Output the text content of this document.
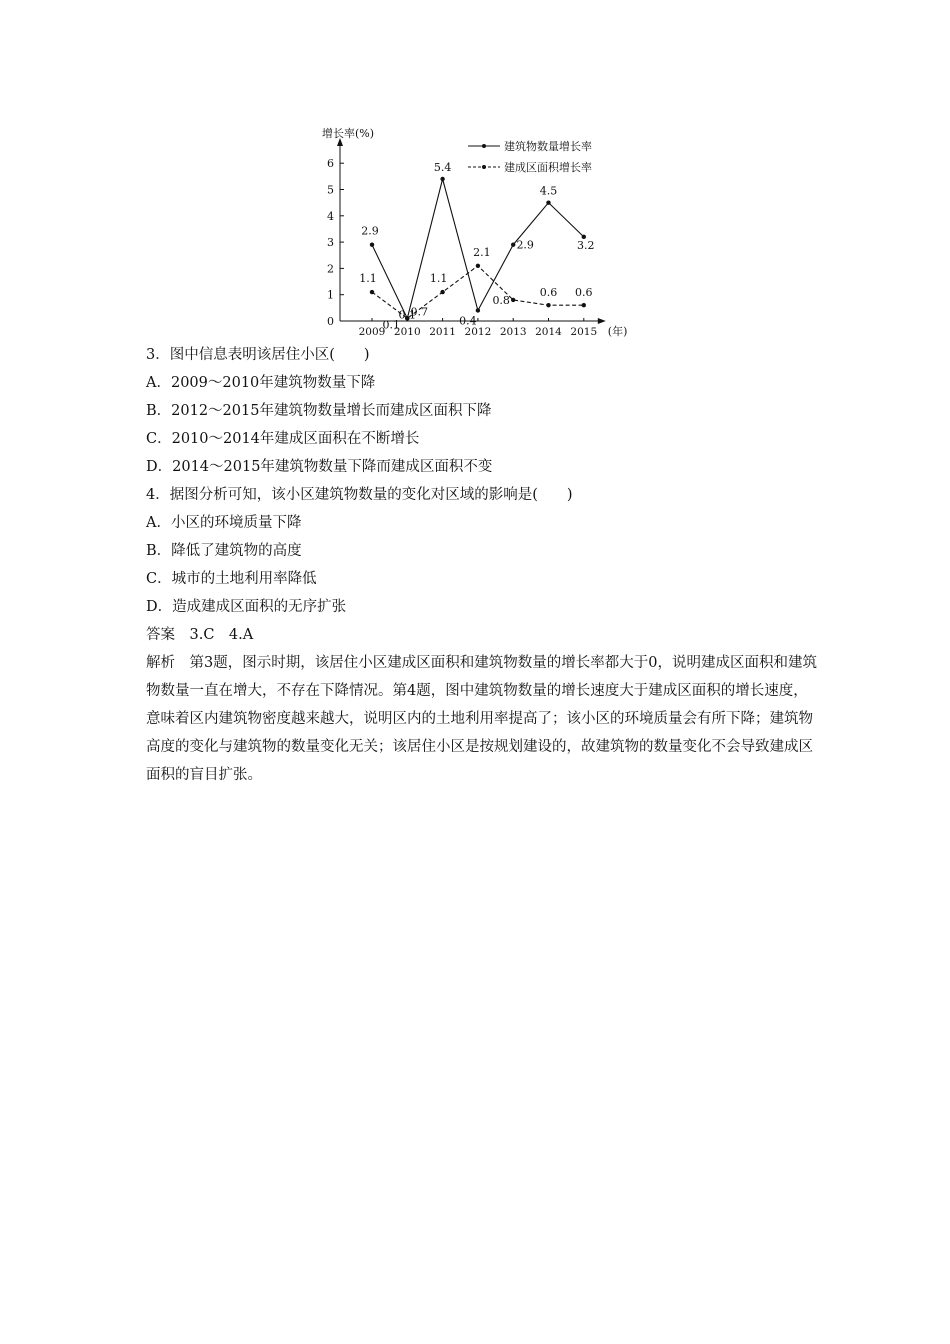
增长率(%)
(年)
0
1
2
3
4
5
6
2009 2010 2011 2012 2013 2014 2015
2.9
0.1
5.4
0.4
2.9
4.5
3.2
1.1	1.1
2.1
0.8
0.6 0.6
0.1
0.7
建筑物数量增长率
建成区面积增长率
3．图中信息表明该居住小区(　　)
A．2009～2010年建筑物数量下降
B．2012～2015年建筑物数量增长而建成区面积下降
C．2010～2014年建成区面积在不断增长
D．2014～2015年建筑物数量下降而建成区面积不变
4．据图分析可知，该小区建筑物数量的变化对区域的影响是(　　)
A．小区的环境质量下降
B．降低了建筑物的高度
C．城市的土地利用率降低
D．造成建成区面积的无序扩张
答案　3.C　4.A
解析　第3题，图示时期，该居住小区建成区面积和建筑物数量的增长率都大于0，说明建成区面积和建筑物数量一直在增大，不存在下降情况。第4题，图中建筑物数量的增长速度大于建成区面积的增长速度，意味着区内建筑物密度越来越大，说明区内的土地利用率提高了；该小区的环境质量会有所下降；建筑物高度的变化与建筑物的数量变化无关；该居住小区是按规划建设的，故建筑物的数量变化不会导致建成区面积的盲目扩张。
